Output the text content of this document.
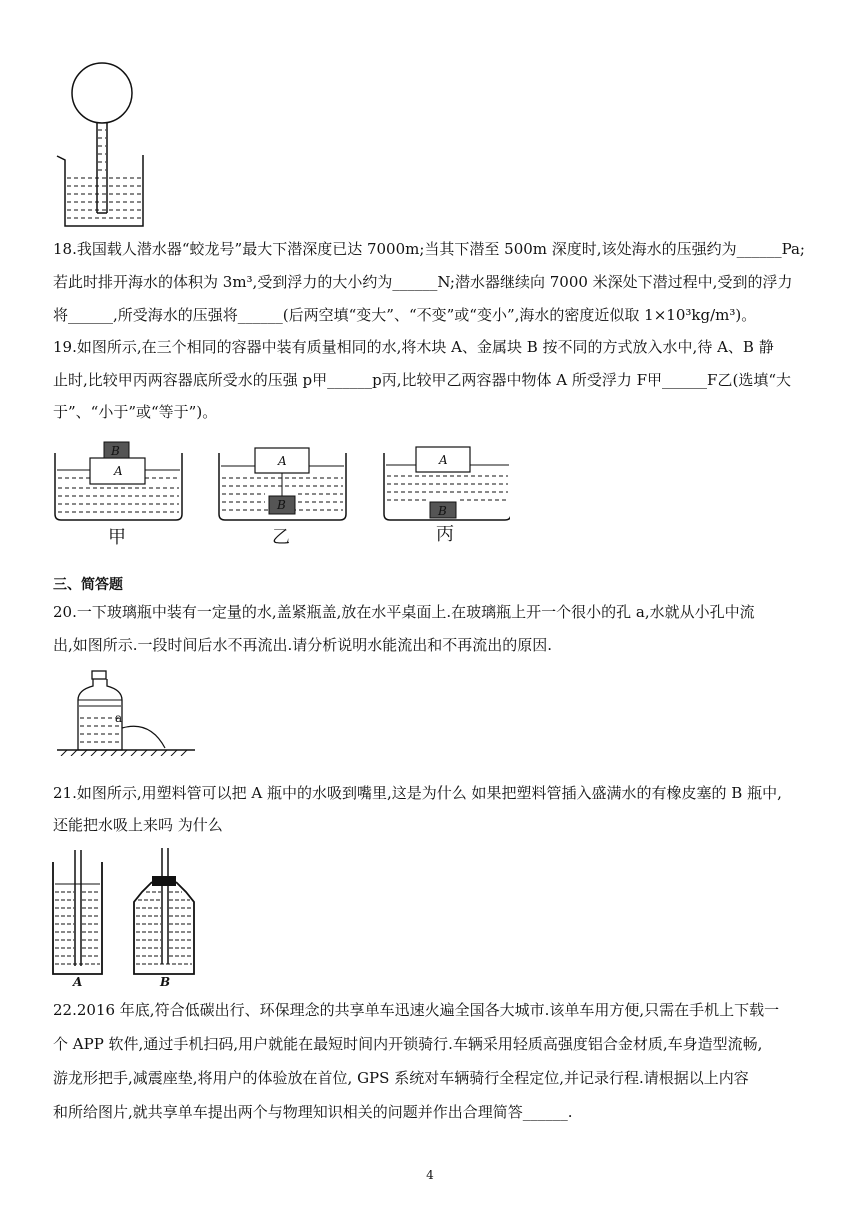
18.我国载人潜水器“蛟龙号”最大下潜深度已达 7000m;当其下潜至 500m 深度时,该处海水的压强约为______Pa;
若此时排开海水的体积为 3m³,受到浮力的大小约为______N;潜水器继续向 7000 米深处下潜过程中,受到的浮力
将______,所受海水的压强将______(后两空填“变大”、“不变”或“变小”,海水的密度近似取 1×10³kg/m³)。
19.如图所示,在三个相同的容器中装有质量相同的水,将木块 A、金属块 B 按不同的方式放入水中,待 A、B 静
止时,比较甲丙两容器底所受水的压强 p甲______p丙,比较甲乙两容器中物体 A 所受浮力 F甲______F乙(选填“大
于”、“小于”或“等于”)。
A
B
A
B
A
B
甲	乙	丙
三、简答题
20.一下玻璃瓶中装有一定量的水,盖紧瓶盖,放在水平桌面上.在玻璃瓶上开一个很小的孔 a,水就从小孔中流
出,如图所示.一段时间后水不再流出.请分析说明水能流出和不再流出的原因.
a
21.如图所示,用塑料管可以把 A 瓶中的水吸到嘴里,这是为什么 如果把塑料管插入盛满水的有橡皮塞的 B 瓶中,
还能把水吸上来吗 为什么
A	B
22.2016 年底,符合低碳出行、环保理念的共享单车迅速火遍全国各大城市.该单车用方便,只需在手机上下载一
个 APP 软件,通过手机扫码,用户就能在最短时间内开锁骑行.车辆采用轻质高强度铝合金材质,车身造型流畅,
游龙形把手,减震座垫,将用户的体验放在首位, GPS 系统对车辆骑行全程定位,并记录行程.请根据以上内容
和所给图片,就共享单车提出两个与物理知识相关的问题并作出合理简答______.
4
